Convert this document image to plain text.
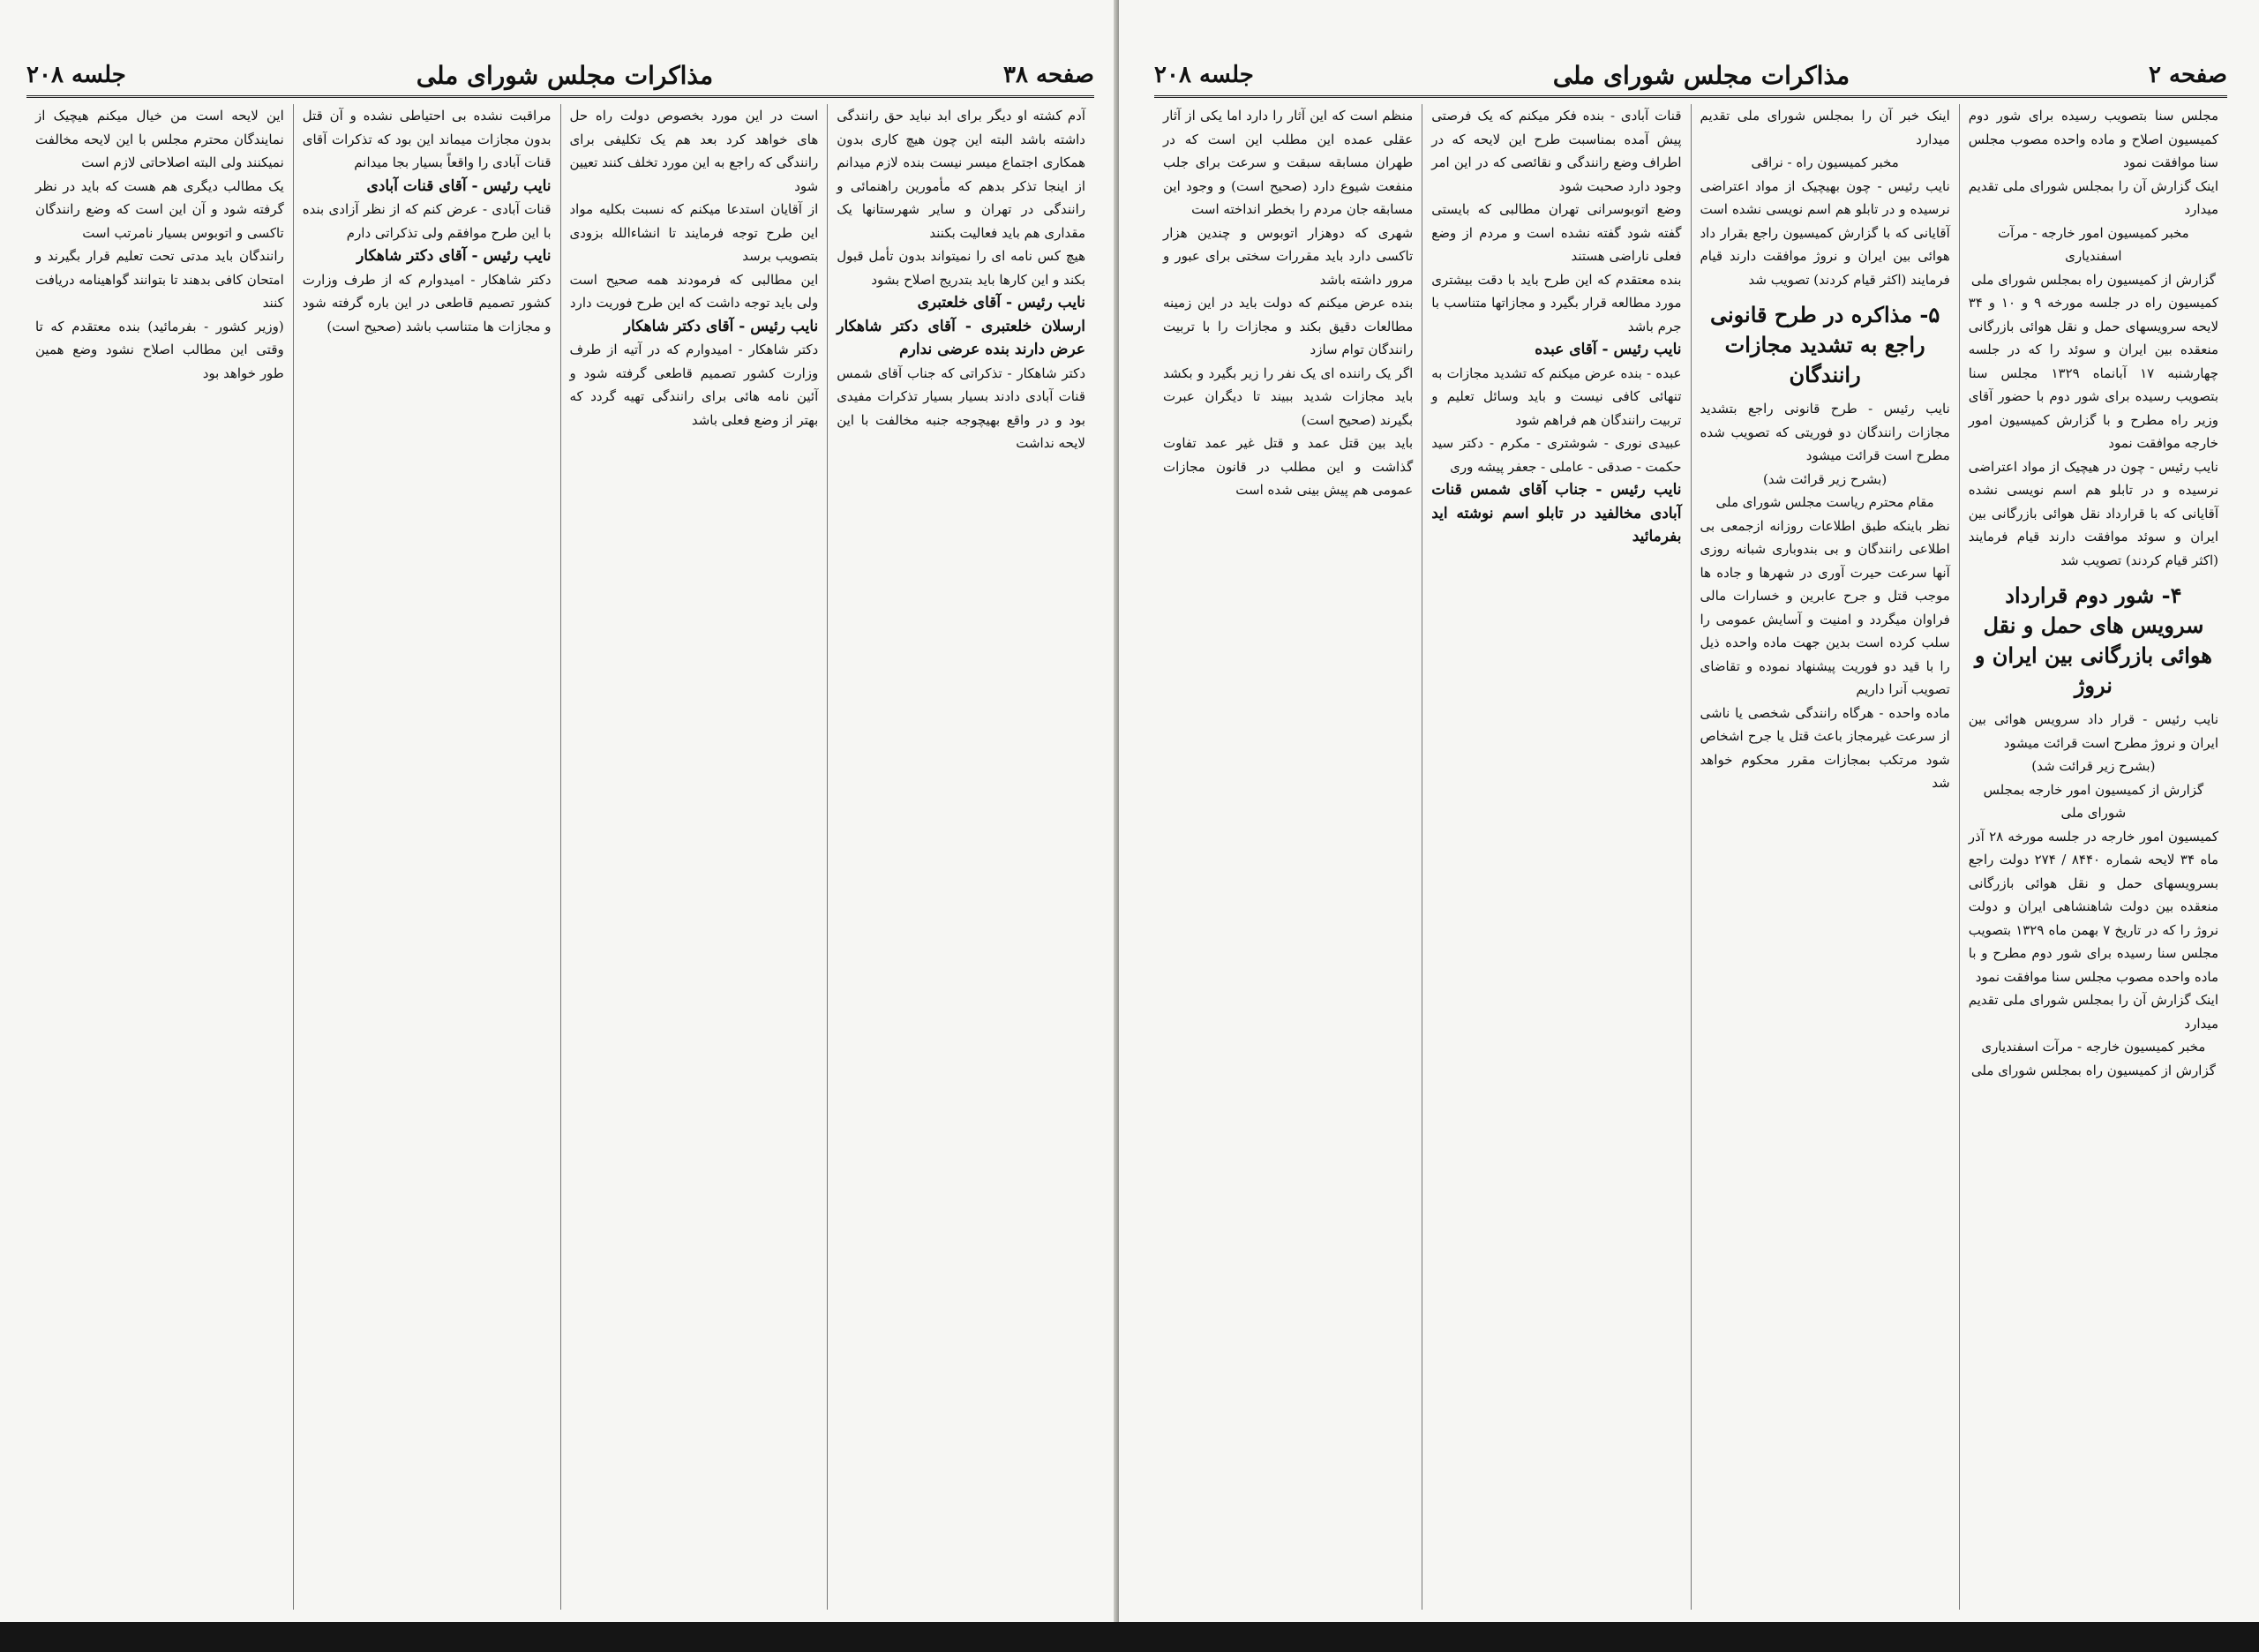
صفحه ۳۸
مذاکرات مجلس شورای ملی
جلسه ۲۰۸

آدم کشته او دیگر برای ابد نباید حق رانندگی داشته باشد البته این چون هیچ کاری بدون همکاری اجتماع میسر نیست بنده لازم میدانم از اینجا تذکر بدهم که مأمورین راهنمائی و رانندگی در تهران و سایر شهرستانها یک مقداری هم باید فعالیت بکنند

هیچ کس نامه ای را نمیتواند بدون تأمل قبول بکند و این کارها باید بتدریج اصلاح بشود

نایب رئیس - آقای خلعتبری

ارسلان خلعتبری - آقای دکتر شاهکار عرض دارند بنده عرضی ندارم

دکتر شاهکار - تذکراتی که جناب آقای شمس قنات آبادی دادند بسیار بسیار تذکرات مفیدی بود و در واقع بهیچوجه جنبه مخالفت با این لایحه نداشت

است در این مورد بخصوص دولت راه حل های خواهد کرد بعد هم یک تکلیفی برای رانندگی که راجع به این مورد تخلف کنند تعیین شود

از آقایان استدعا میکنم که نسبت بکلیه مواد این طرح توجه فرمایند تا انشاءالله بزودی بتصویب برسد

این مطالبی که فرمودند همه صحیح است ولی باید توجه داشت که این طرح فوریت دارد

نایب رئیس - آقای دکتر شاهکار

دکتر شاهکار - امیدوارم که در آتیه از طرف وزارت کشور تصمیم قاطعی گرفته شود و آئین نامه هائی برای رانندگی تهیه گردد که بهتر از وضع فعلی باشد

مراقبت نشده بی احتیاطی نشده و آن قتل بدون مجازات میماند این بود که تذکرات آقای قنات آبادی را واقعاً بسیار بجا میدانم

نایب رئیس - آقای قنات آبادی

قنات آبادی - عرض کنم که از نظر آزادی بنده با این طرح موافقم ولی تذکراتی دارم

نایب رئیس - آقای دکتر شاهکار

دکتر شاهکار - امیدوارم که از طرف وزارت کشور تصمیم قاطعی در این باره گرفته شود و مجازات ها متناسب باشد (صحیح است)

این لایحه است من خیال میکنم هیچیک از نمایندگان محترم مجلس با این لایحه مخالفت نمیکنند ولی البته اصلاحاتی لازم است

یک مطالب دیگری هم هست که باید در نظر گرفته شود و آن این است که وضع رانندگان تاکسی و اتوبوس بسیار نامرتب است

رانندگان باید مدتی تحت تعلیم قرار بگیرند و امتحان کافی بدهند تا بتوانند گواهینامه دریافت کنند

(وزیر کشور - بفرمائید) بنده معتقدم که تا وقتی این مطالب اصلاح نشود وضع همین طور خواهد بود

صفحه ۲
مذاکرات مجلس شورای ملی
جلسه ۲۰۸

مجلس سنا بتصویب رسیده برای شور دوم کمیسیون اصلاح و ماده واحده مصوب مجلس سنا موافقت نمود

اینک گزارش آن را بمجلس شورای ملی تقدیم میدارد

مخبر کمیسیون امور خارجه - مرآت اسفندیاری

گزارش از کمیسیون راه بمجلس شورای ملی

کمیسیون راه در جلسه مورخه ۹ و ۱۰ و ۳۴ لایحه سرویسهای حمل و نقل هوائی بازرگانی منعقده بین ایران و سوئد را که در جلسه چهارشنبه ۱۷ آبانماه ۱۳۲۹ مجلس سنا بتصویب رسیده برای شور دوم با حضور آقای وزیر راه مطرح و با گزارش کمیسیون امور خارجه موافقت نمود

نایب رئیس - چون در هیچیک از مواد اعتراضی نرسیده و در تابلو هم اسم نویسی نشده آقایانی که با قرارداد نقل هوائی بازرگانی بین ایران و سوئد موافقت دارند قیام فرمایند (اکثر قیام کردند) تصویب شد

۴- شور دوم قرارداد سرویس های حمل و نقل هوائی بازرگانی بین ایران و نروژ

نایب رئیس - قرار داد سرویس هوائی بین ایران و نروژ مطرح است قرائت میشود

(بشرح زیر قرائت شد)

گزارش از کمیسیون امور خارجه بمجلس شورای ملی

کمیسیون امور خارجه در جلسه مورخه ۲۸ آذر ماه ۳۴ لایحه شماره ۸۴۴۰ / ۲۷۴ دولت راجع بسرویسهای حمل و نقل هوائی بازرگانی منعقده بین دولت شاهنشاهی ایران و دولت نروژ را که در تاریخ ۷ بهمن ماه ۱۳۲۹ بتصویب مجلس سنا رسیده برای شور دوم مطرح و با ماده واحده مصوب مجلس سنا موافقت نمود

اینک گزارش آن را بمجلس شورای ملی تقدیم میدارد

مخبر کمیسیون خارجه - مرآت اسفندیاری

گزارش از کمیسیون راه بمجلس شورای ملی

اینک خبر آن را بمجلس شورای ملی تقدیم میدارد

مخبر کمیسیون راه - نراقی

نایب رئیس - چون بهیچیک از مواد اعتراضی نرسیده و در تابلو هم اسم نویسی نشده است آقایانی که با گزارش کمیسیون راجع بقرار داد هوائی بین ایران و نروژ موافقت دارند قیام فرمایند (اکثر قیام کردند) تصویب شد

۵- مذاکره در طرح قانونی راجع به تشدید مجازات رانندگان

نایب رئیس - طرح قانونی راجع بتشدید مجازات رانندگان دو فوریتی که تصویب شده مطرح است قرائت میشود

(بشرح زیر قرائت شد)

مقام محترم ریاست مجلس شورای ملی

نظر باینکه طبق اطلاعات روزانه ازجمعی بی اطلاعی رانندگان و بی بندوباری شبانه روزی آنها سرعت حیرت آوری در شهرها و جاده ها موجب قتل و جرح عابرین و خسارات مالی فراوان میگردد و امنیت و آسایش عمومی را سلب کرده است بدین جهت ماده واحده ذیل را با قید دو فوریت پیشنهاد نموده و تقاضای تصویب آنرا داریم

ماده واحده - هرگاه رانندگی شخصی یا ناشی از سرعت غیرمجاز باعث قتل یا جرح اشخاص شود مرتکب بمجازات مقرر محکوم خواهد شد

قنات آبادی - بنده فکر میکنم که یک فرصتی پیش آمده بمناسبت طرح این لایحه که در اطراف وضع رانندگی و نقائصی که در این امر وجود دارد صحبت شود

وضع اتوبوسرانی تهران مطالبی که بایستی گفته شود گفته نشده است و مردم از وضع فعلی ناراضی هستند

بنده معتقدم که این طرح باید با دقت بیشتری مورد مطالعه قرار بگیرد و مجازاتها متناسب با جرم باشد

نایب رئیس - آقای عبده

عبده - بنده عرض میکنم که تشدید مجازات به تنهائی کافی نیست و باید وسائل تعلیم و تربیت رانندگان هم فراهم شود

عبیدی نوری - شوشتری - مکرم - دکتر سید حکمت - صدقی - عاملی - جعفر پیشه وری

نایب رئیس - جناب آقای شمس قنات آبادی مخالفید در تابلو اسم نوشته اید بفرمائید

منظم است که این آثار را دارد اما یکی از آثار عقلی عمده این مطلب این است که در طهران مسابقه سبقت و سرعت برای جلب منفعت شیوع دارد (صحیح است) و وجود این مسابقه جان مردم را بخطر انداخته است

شهری که دوهزار اتوبوس و چندین هزار تاکسی دارد باید مقررات سختی برای عبور و مرور داشته باشد

بنده عرض میکنم که دولت باید در این زمینه مطالعات دقیق بکند و مجازات را با تربیت رانندگان توام سازد

اگر یک راننده ای یک نفر را زیر بگیرد و بکشد باید مجازات شدید ببیند تا دیگران عبرت بگیرند (صحیح است)

باید بین قتل عمد و قتل غیر عمد تفاوت گذاشت و این مطلب در قانون مجازات عمومی هم پیش بینی شده است
